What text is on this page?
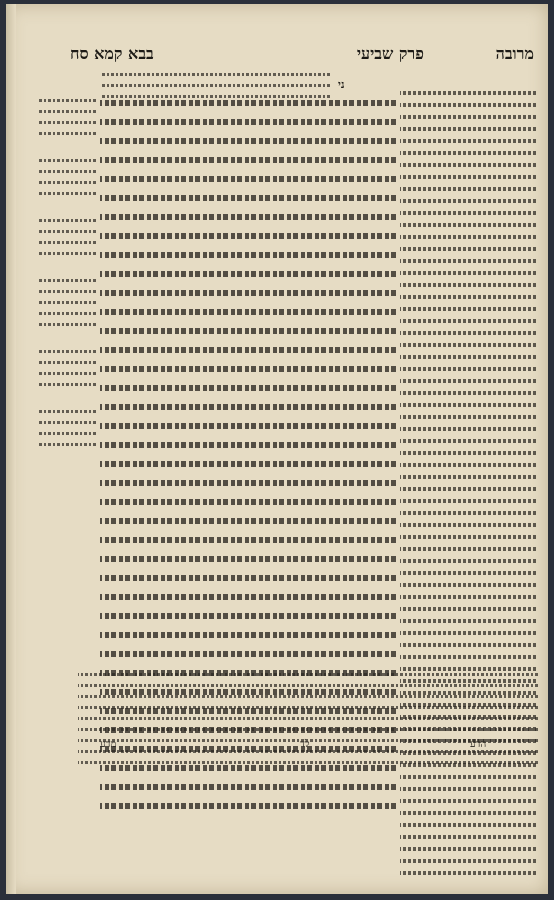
מרובה
פרק שביעי
בבא קמא סח
ני
מדע	לד	הדע
